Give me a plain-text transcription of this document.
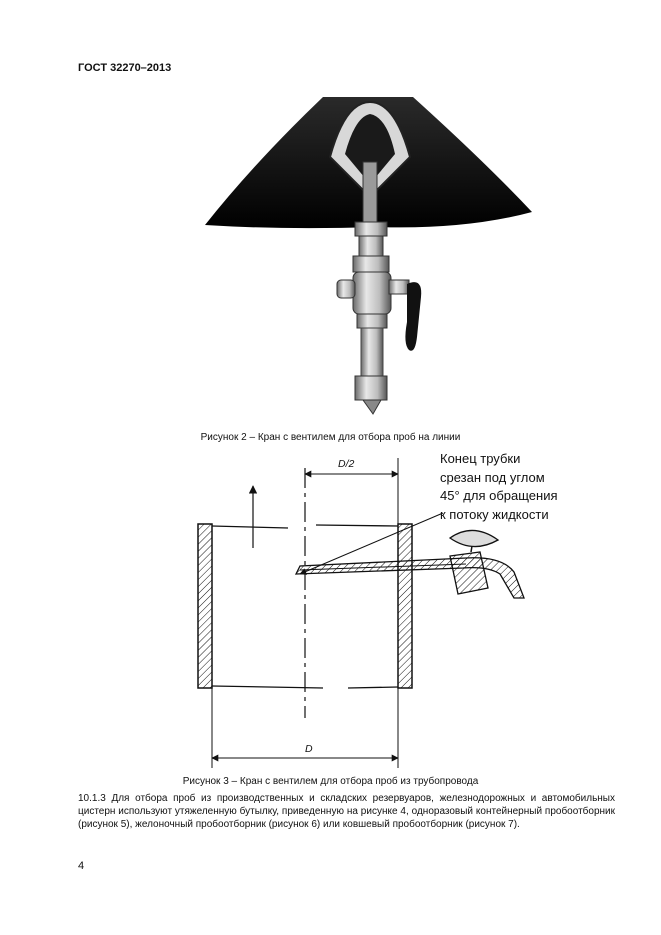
ГОСТ 32270–2013
Рисунок 2 – Кран с вентилем для отбора проб на линии
D/2
D
Конец трубки
срезан под углом
45° для обращения
к потоку жидкости
Рисунок 3 – Кран с вентилем для отбора проб из трубопровода
10.1.3 Для отбора проб из производственных и складских резервуаров, железнодорожных и автомобильных цистерн используют утяжеленную бутылку, приведенную на рисунке 4, одноразовый контейнерный пробоотборник (рисунок 5), желоночный пробоотборник (рисунок 6) или ковшевый пробоотборник (рисунок 7).
4
